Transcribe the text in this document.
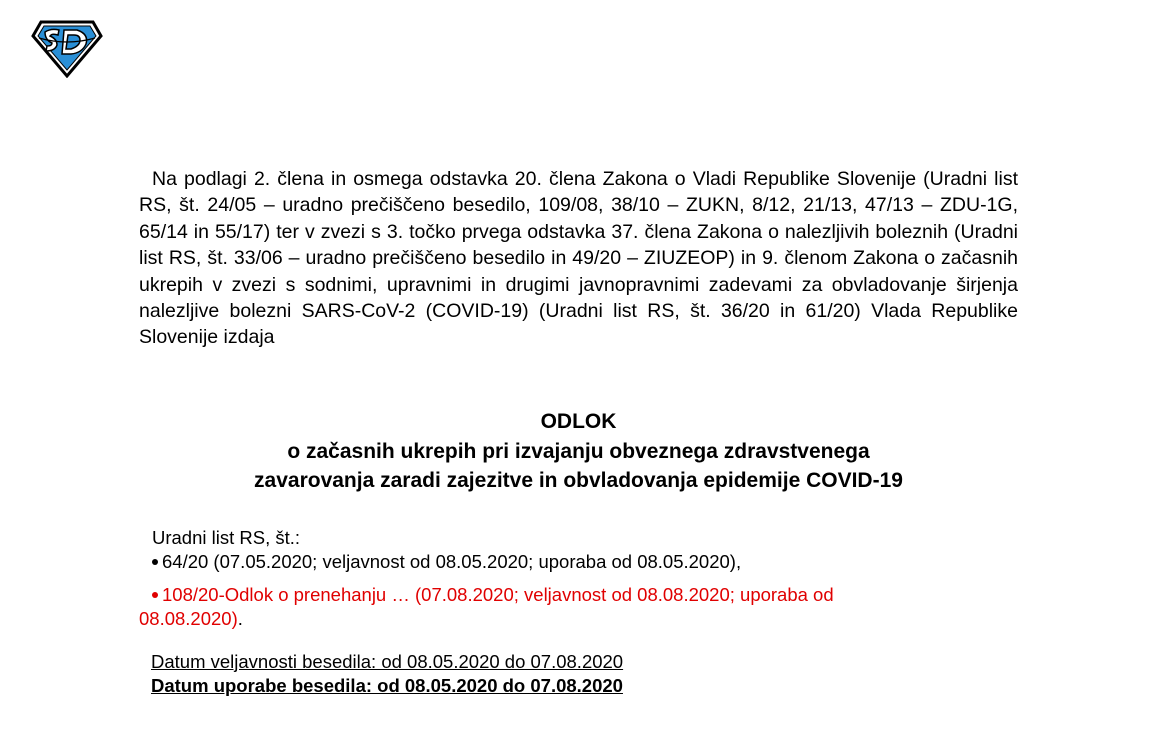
Na podlagi 2. člena in osmega odstavka 20. člena Zakona o Vladi Republike Slovenije (Uradni list RS, št. 24/05 – uradno prečiščeno besedilo, 109/08, 38/10 – ZUKN, 8/12, 21/13, 47/13 – ZDU-1G, 65/14 in 55/17) ter v zvezi s 3. točko prvega odstavka 37. člena Zakona o nalezljivih boleznih (Uradni list RS, št. 33/06 – uradno prečiščeno besedilo in 49/20 – ZIUZEOP) in 9. členom Zakona o začasnih ukrepih v zvezi s sodnimi, upravnimi in drugimi javnopravnimi zadevami za obvladovanje širjenja nalezljive bolezni SARS-CoV-2 (COVID-19) (Uradni list RS, št. 36/20 in 61/20) Vlada Republike Slovenije izdaja

ODLOK

o začasnih ukrepih pri izvajanju obveznega zdravstvenega

zavarovanja zaradi zajezitve in obvladovanja epidemije COVID-19

Uradni list RS, št.:

64/20 (07.05.2020; veljavnost od 08.05.2020; uporaba od 08.05.2020),

108/20-Odlok o prenehanju … (07.08.2020; veljavnost od 08.08.2020; uporaba od
08.08.2020).

Datum veljavnosti besedila: od 08.05.2020 do 07.08.2020

Datum uporabe besedila: od 08.05.2020 do 07.08.2020
